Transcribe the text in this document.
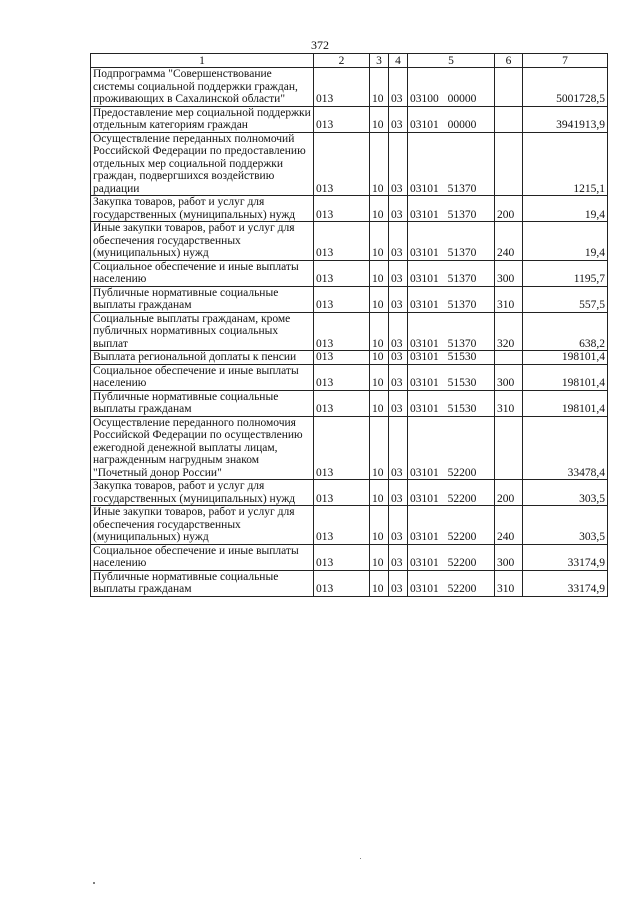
372
1	2	3	4	5	6	7
Подпрограмма "Совершенствование системы социальной поддержки граждан, проживающих в Сахалинской области"	013	10	03	03100 00000		5001728,5
Предоставление мер социальной поддержки отдельным категориям граждан	013	10	03	03101 00000		3941913,9
Осуществление переданных полномочий Российской Федерации по предоставлению отдельных мер социальной поддержки граждан, подвергшихся воздействию радиации	013	10	03	03101 51370		1215,1
Закупка товаров, работ и услуг для государственных (муниципальных) нужд	013	10	03	03101 51370	200	19,4
Иные закупки товаров, работ и услуг для обеспечения государственных (муниципальных) нужд	013	10	03	03101 51370	240	19,4
Социальное обеспечение и иные выплаты населению	013	10	03	03101 51370	300	1195,7
Публичные нормативные социальные выплаты гражданам	013	10	03	03101 51370	310	557,5
Социальные выплаты гражданам, кроме публичных нормативных социальных выплат	013	10	03	03101 51370	320	638,2
Выплата региональной доплаты к пенсии	013	10	03	03101 51530		198101,4
Социальное обеспечение и иные выплаты населению	013	10	03	03101 51530	300	198101,4
Публичные нормативные социальные выплаты гражданам	013	10	03	03101 51530	310	198101,4
Осуществление переданного полномочия Российской Федерации по осуществлению ежегодной денежной выплаты лицам, награжденным нагрудным знаком "Почетный донор России"	013	10	03	03101 52200		33478,4
Закупка товаров, работ и услуг для государственных (муниципальных) нужд	013	10	03	03101 52200	200	303,5
Иные закупки товаров, работ и услуг для обеспечения государственных (муниципальных) нужд	013	10	03	03101 52200	240	303,5
Социальное обеспечение и иные выплаты населению	013	10	03	03101 52200	300	33174,9
Публичные нормативные социальные выплаты гражданам	013	10	03	03101 52200	310	33174,9
